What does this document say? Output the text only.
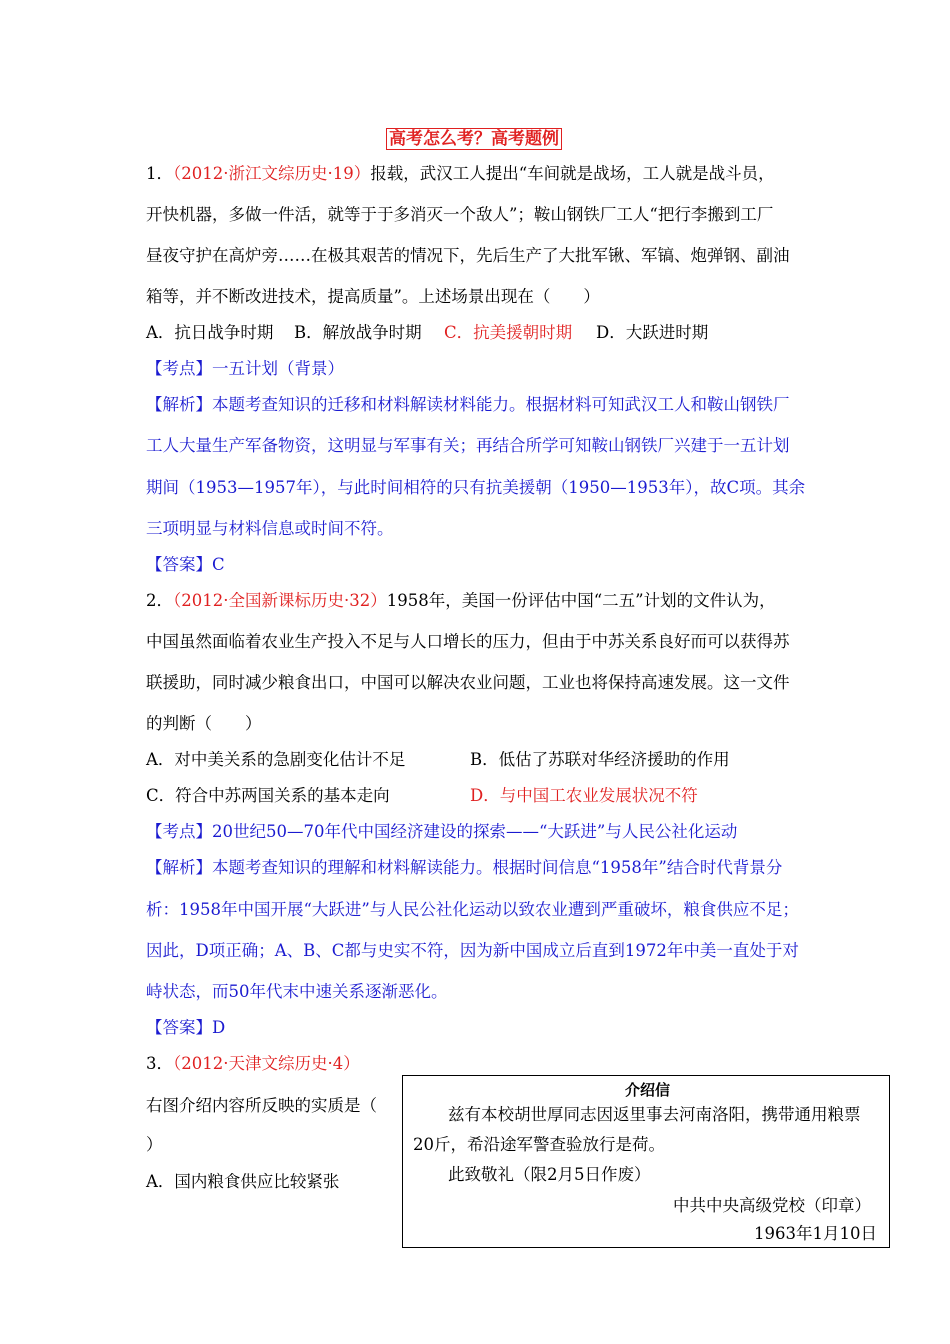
高考怎么考？高考题例
1．（2012·浙江文综历史·19）报载，武汉工人提出“车间就是战场，工人就是战斗员，
开快机器，多做一件活，就等于于多消灭一个敌人”；鞍山钢铁厂工人“把行李搬到工厂
昼夜守护在高炉旁……在极其艰苦的情况下，先后生产了大批军锹、军镐、炮弹钢、副油
箱等，并不断改进技术，提高质量”。上述场景出现在（　　）
A．抗日战争时期 B．解放战争时期 C．抗美援朝时期 D．大跃进时期
【考点】一五计划（背景）
【解析】本题考查知识的迁移和材料解读材料能力。根据材料可知武汉工人和鞍山钢铁厂
工人大量生产军备物资，这明显与军事有关；再结合所学可知鞍山钢铁厂兴建于一五计划
期间（1953—1957年），与此时间相符的只有抗美援朝（1950—1953年），故C项。其余
三项明显与材料信息或时间不符。
【答案】C
2．（2012·全国新课标历史·32）1958年，美国一份评估中国“二五”计划的文件认为，
中国虽然面临着农业生产投入不足与人口增长的压力，但由于中苏关系良好而可以获得苏
联援助，同时减少粮食出口，中国可以解决农业问题，工业也将保持高速发展。这一文件
的判断（　　）
A．对中美关系的急剧变化估计不足	B．低估了苏联对华经济援助的作用
C．符合中苏两国关系的基本走向	D．与中国工农业发展状况不符
【考点】20世纪50—70年代中国经济建设的探索——“大跃进”与人民公社化运动
【解析】本题考查知识的理解和材料解读能力。根据时间信息“1958年”结合时代背景分
析：1958年中国开展“大跃进”与人民公社化运动以致农业遭到严重破坏，粮食供应不足；
因此，D项正确；A、B、C都与史实不符，因为新中国成立后直到1972年中美一直处于对
峙状态，而50年代末中速关系逐渐恶化。
【答案】D
3．（2012·天津文综历史·4）
右图介绍内容所反映的实质是（
）
A．国内粮食供应比较紧张
介绍信
兹有本校胡世厚同志因返里事去河南洛阳，携带通用粮票
20斤，希沿途军警查验放行是荷。
此致敬礼（限2月5日作废）
中共中央高级党校（印章）
1963年1月10日
